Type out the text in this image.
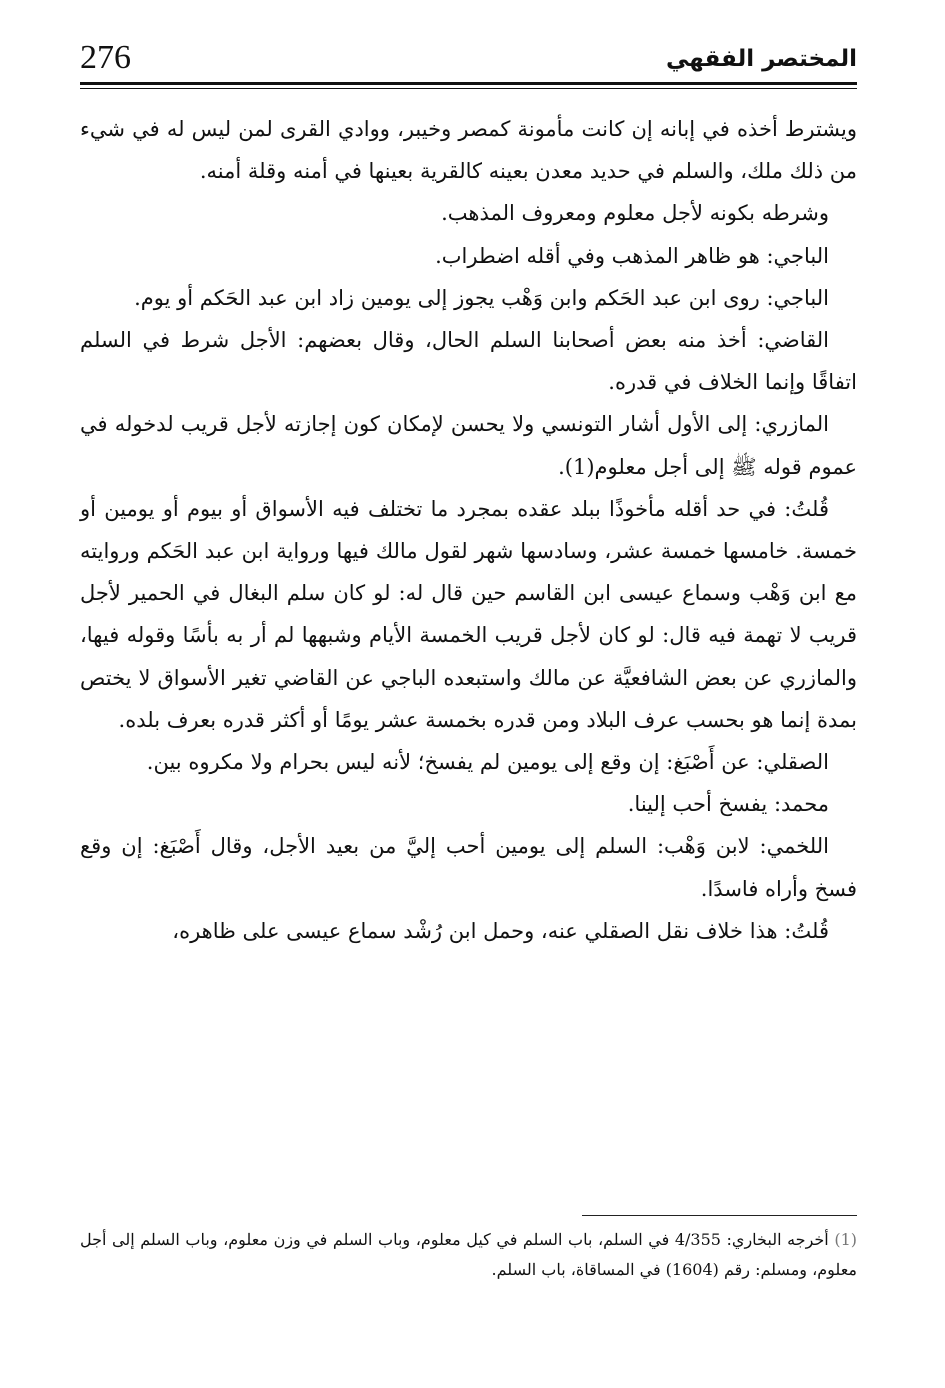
276	المختصر الفقهي

ويشترط أخذه في إبانه إن كانت مأمونة كمصر وخيبر، ووادي القرى لمن ليس له في شيء من ذلك ملك، والسلم في حديد معدن بعينه كالقرية بعينها في أمنه وقلة أمنه.

وشرطه بكونه لأجل معلوم ومعروف المذهب.

الباجي: هو ظاهر المذهب وفي أقله اضطراب.

الباجي: روى ابن عبد الحَكم وابن وَهْب يجوز إلى يومين زاد ابن عبد الحَكم أو يوم.

القاضي: أخذ منه بعض أصحابنا السلم الحال، وقال بعضهم: الأجل شرط في السلم اتفاقًا وإنما الخلاف في قدره.

المازري: إلى الأول أشار التونسي ولا يحسن لإمكان كون إجازته لأجل قريب لدخوله في عموم قوله ﷺ إلى أجل معلوم(1).

قُلتُ: في حد أقله مأخوذًا ببلد عقده بمجرد ما تختلف فيه الأسواق أو بيوم أو يومين أو خمسة. خامسها خمسة عشر، وسادسها شهر لقول مالك فيها ورواية ابن عبد الحَكم وروايته مع ابن وَهْب وسماع عيسى ابن القاسم حين قال له: لو كان سلم البغال في الحمير لأجل قريب لا تهمة فيه قال: لو كان لأجل قريب الخمسة الأيام وشبهها لم أر به بأسًا وقوله فيها، والمازري عن بعض الشافعيَّة عن مالك واستبعده الباجي عن القاضي تغير الأسواق لا يختص بمدة إنما هو بحسب عرف البلاد ومن قدره بخمسة عشر يومًا أو أكثر قدره بعرف بلده.

الصقلي: عن أَصْبَغ: إن وقع إلى يومين لم يفسخ؛ لأنه ليس بحرام ولا مكروه بين.

محمد: يفسخ أحب إلينا.

اللخمي: لابن وَهْب: السلم إلى يومين أحب إليَّ من بعيد الأجل، وقال أَصْبَغ: إن وقع فسخ وأراه فاسدًا.

قُلتُ: هذا خلاف نقل الصقلي عنه، وحمل ابن رُشْد سماع عيسى على ظاهره،

(1) أخرجه البخاري: 4/355 في السلم، باب السلم في كيل معلوم، وباب السلم في وزن معلوم، وباب السلم إلى أجل معلوم، ومسلم: رقم (1604) في المساقاة، باب السلم.
